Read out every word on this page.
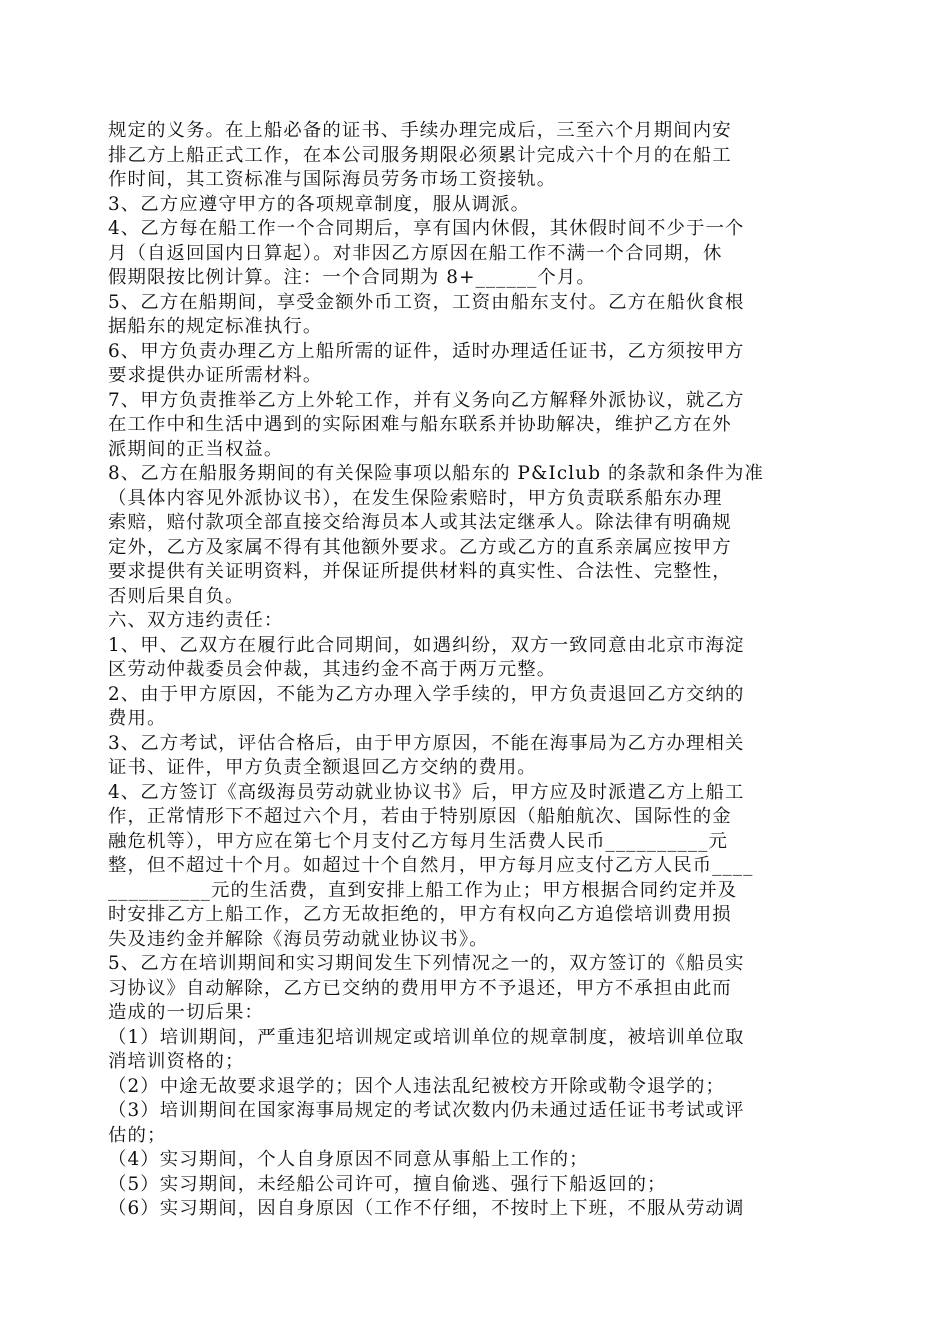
规定的义务。在上船必备的证书、手续办理完成后，三至六个月期间内安
排乙方上船正式工作，在本公司服务期限必须累计完成六十个月的在船工
作时间，其工资标准与国际海员劳务市场工资接轨。
3、乙方应遵守甲方的各项规章制度，服从调派。
4、乙方每在船工作一个合同期后，享有国内休假，其休假时间不少于一个
月（自返回国内日算起）。对非因乙方原因在船工作不满一个合同期，休
假期限按比例计算。注：一个合同期为 8+______个月。
5、乙方在船期间，享受金额外币工资，工资由船东支付。乙方在船伙食根
据船东的规定标准执行。
6、甲方负责办理乙方上船所需的证件，适时办理适任证书，乙方须按甲方
要求提供办证所需材料。
7、甲方负责推举乙方上外轮工作，并有义务向乙方解释外派协议，就乙方
在工作中和生活中遇到的实际困难与船东联系并协助解决，维护乙方在外
派期间的正当权益。
8、乙方在船服务期间的有关保险事项以船东的 P&Iclub 的条款和条件为准
（具体内容见外派协议书），在发生保险索赔时，甲方负责联系船东办理
索赔，赔付款项全部直接交给海员本人或其法定继承人。除法律有明确规
定外，乙方及家属不得有其他额外要求。乙方或乙方的直系亲属应按甲方
要求提供有关证明资料，并保证所提供材料的真实性、合法性、完整性，
否则后果自负。
六、双方违约责任：
1、甲、乙双方在履行此合同期间，如遇纠纷，双方一致同意由北京市海淀
区劳动仲裁委员会仲裁，其违约金不高于两万元整。
2、由于甲方原因，不能为乙方办理入学手续的，甲方负责退回乙方交纳的
费用。
3、乙方考试，评估合格后，由于甲方原因，不能在海事局为乙方办理相关
证书、证件，甲方负责全额退回乙方交纳的费用。
4、乙方签订《高级海员劳动就业协议书》后，甲方应及时派遣乙方上船工
作，正常情形下不超过六个月，若由于特别原因（船舶航次、国际性的金
融危机等），甲方应在第七个月支付乙方每月生活费人民币__________元
整，但不超过十个月。如超过十个自然月，甲方每月应支付乙方人民币____
__________元的生活费，直到安排上船工作为止；甲方根据合同约定并及
时安排乙方上船工作，乙方无故拒绝的，甲方有权向乙方追偿培训费用损
失及违约金并解除《海员劳动就业协议书》。
5、乙方在培训期间和实习期间发生下列情况之一的，双方签订的《船员实
习协议》自动解除，乙方已交纳的费用甲方不予退还，甲方不承担由此而
造成的一切后果：
（1）培训期间，严重违犯培训规定或培训单位的规章制度，被培训单位取
消培训资格的；
（2）中途无故要求退学的；因个人违法乱纪被校方开除或勒令退学的；
（3）培训期间在国家海事局规定的考试次数内仍未通过适任证书考试或评
估的；
（4）实习期间，个人自身原因不同意从事船上工作的；
（5）实习期间，未经船公司许可，擅自偷逃、强行下船返回的；
（6）实习期间，因自身原因（工作不仔细，不按时上下班，不服从劳动调
